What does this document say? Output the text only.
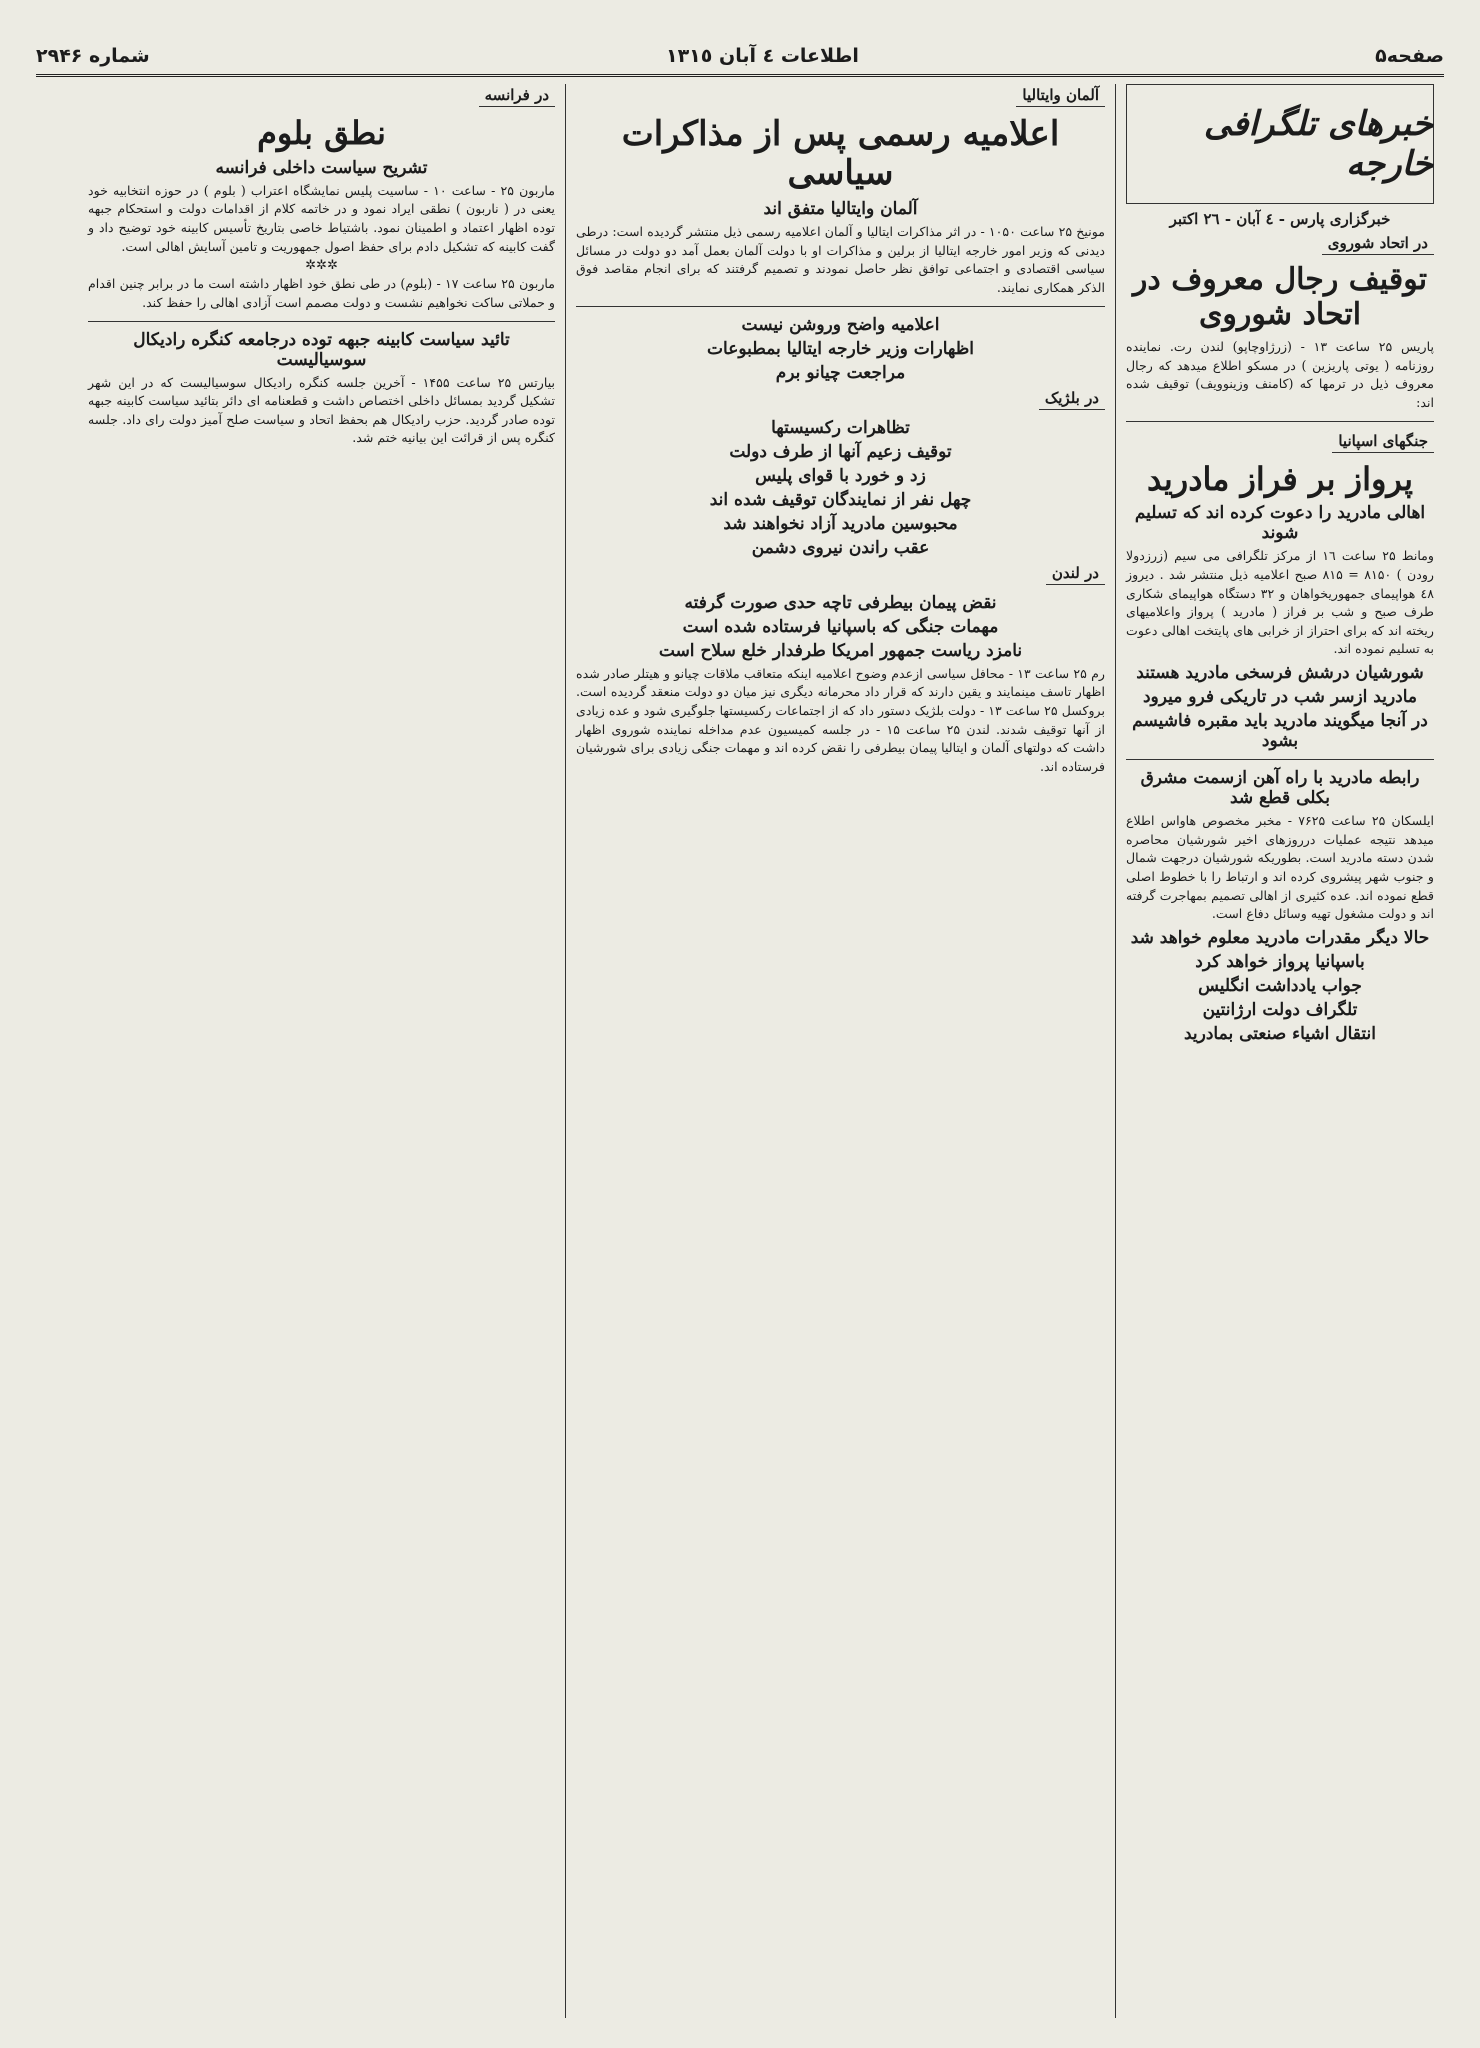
صفحه۵
اطلاعات ٤ آبان ١٣١٥
شماره ۲۹۴۶
خبرهای تلگرافی خارجه
خبرگزاری پارس - ٤ آبان - ٢٦ اکتبر
در اتحاد شوروی
توقیف رجال معروف در اتحاد شوروی

پاریس ۲۵ ساعت ۱۳ - (زرژاوچاپو) لندن رت. نماینده روزنامه ( یوتی پاریزین ) در مسکو اطلاع میدهد که رجال معروف ذیل در ترمها که (کامنف وزینوویف) توقیف شده اند:

جنگهای اسپانیا
پرواز بر فراز مادرید
اهالی مادرید را دعوت کرده اند که تسلیم شوند

ومانط ۲۵ ساعت ۱٦ از مرکز تلگرافی می سیم (زرزدولا رودن ) ۸۱۵۰ = ۸۱۵ صبح اعلامیه ذیل منتشر شد . دیروز ٤۸ هواپیمای جمهوریخواهان و ۳۲ دستگاه هواپیمای شکاری طرف صبح و شب بر فراز ( مادرید ) پرواز واعلامیهای ریخته اند که برای احتراز از خرابی های پایتخت اهالی دعوت به تسلیم نموده اند.

شورشیان درشش فرسخی مادرید هستند
مادرید ازسر شب در تاریکی فرو میرود
در آنجا میگویند مادرید باید مقبره فاشیسم بشود
رابطه مادرید با راه آهن ازسمت مشرق بکلی قطع شد

ایلسکان ۲۵ ساعت ۷۶۲۵ - مخبر مخصوص هاواس اطلاع میدهد نتیجه عملیات درروزهای اخیر شورشیان محاصره شدن دسته مادرید است. بطوریکه شورشیان درجهت شمال و جنوب شهر پیشروی کرده اند و ارتباط را با خطوط اصلی قطع نموده اند. عده کثیری از اهالی تصمیم بمهاجرت گرفته اند و دولت مشغول تهیه وسائل دفاع است.

حالا دیگر مقدرات مادرید معلوم خواهد شد
باسپانیا پرواز خواهد کرد
جواب یادداشت انگلیس
تلگراف دولت ارژانتین
انتقال اشیاء صنعتی بمادرید
آلمان وایتالیا
اعلامیه رسمی پس از مذاکرات سیاسی
آلمان وایتالیا متفق اند

مونیخ ۲۵ ساعت ۱۰۵۰ - در اثر مذاکرات ایتالیا و آلمان اعلامیه رسمی ذیل منتشر گردیده است: درطی دیدنی که وزیر امور خارجه ایتالیا از برلین و مذاکرات او با دولت آلمان بعمل آمد دو دولت در مسائل سیاسی اقتصادی و اجتماعی توافق نظر حاصل نمودند و تصمیم گرفتند که برای انجام مقاصد فوق الذکر همکاری نمایند.

اعلامیه واضح وروشن نیست
اظهارات وزیر خارجه ایتالیا بمطبوعات
مراجعت چیانو برم
در بلژیک
تظاهرات رکسیستها
توقیف زعیم آنها از طرف دولت
زد و خورد با قوای پلیس
چهل نفر از نمایندگان توقیف شده اند
محبوسین مادرید آزاد نخواهند شد
عقب راندن نیروی دشمن
در لندن
نقض پیمان بیطرفی تاچه حدی صورت گرفته
مهمات جنگی که باسپانیا فرستاده شده است
نامزد ریاست جمهور امریکا طرفدار خلع سلاح است

رم ۲۵ ساعت ۱۳ - محافل سیاسی ازعدم وضوح اعلامیه اینکه متعاقب ملاقات چیانو و هیتلر صادر شده اظهار تاسف مینمایند و یقین دارند که قرار داد محرمانه دیگری نیز میان دو دولت منعقد گردیده است. بروکسل ۲۵ ساعت ۱۳ - دولت بلژیک دستور داد که از اجتماعات رکسیستها جلوگیری شود و عده زیادی از آنها توقیف شدند. لندن ۲۵ ساعت ۱۵ - در جلسه کمیسیون عدم مداخله نماینده شوروی اظهار داشت که دولتهای آلمان و ایتالیا پیمان بیطرفی را نقض کرده اند و مهمات جنگی زیادی برای شورشیان فرستاده اند.

در فرانسه
نطق بلوم
تشریح سیاست داخلی فرانسه

ماربون ۲۵ - ساعت ۱۰ - ساسیت پلیس نمایشگاه اعتراب ( بلوم ) در حوزه انتخابیه خود یعنی در ( ناربون ) نطقی ایراد نمود و در خاتمه کلام از اقدامات دولت و استحکام جبهه توده اظهار اعتماد و اطمینان نمود. باشتیاط خاصی بتاریخ تأسیس کابینه خود توضیح داد و گفت کابینه که تشکیل دادم برای حفظ اصول جمهوریت و تامین آسایش اهالی است.

✲✲✲

ماربون ۲۵ ساعت ۱۷ - (بلوم) در طی نطق خود اظهار داشته است ما در برابر چنین اقدام و حملاتی ساکت نخواهیم نشست و دولت مصمم است آزادی اهالی را حفظ کند.

تائید سیاست کابینه جبهه توده درجامعه کنگره رادیکال سوسیالیست

بیارتس ۲۵ ساعت ۱۴۵۵ - آخرین جلسه کنگره رادیکال سوسیالیست که در این شهر تشکیل گردید بمسائل داخلی اختصاص داشت و قطعنامه ای دائر بتائید سیاست کابینه جبهه توده صادر گردید. حزب رادیکال هم بحفظ اتحاد و سیاست صلح آمیز دولت رای داد. جلسه کنگره پس از قرائت این بیانیه ختم شد.
